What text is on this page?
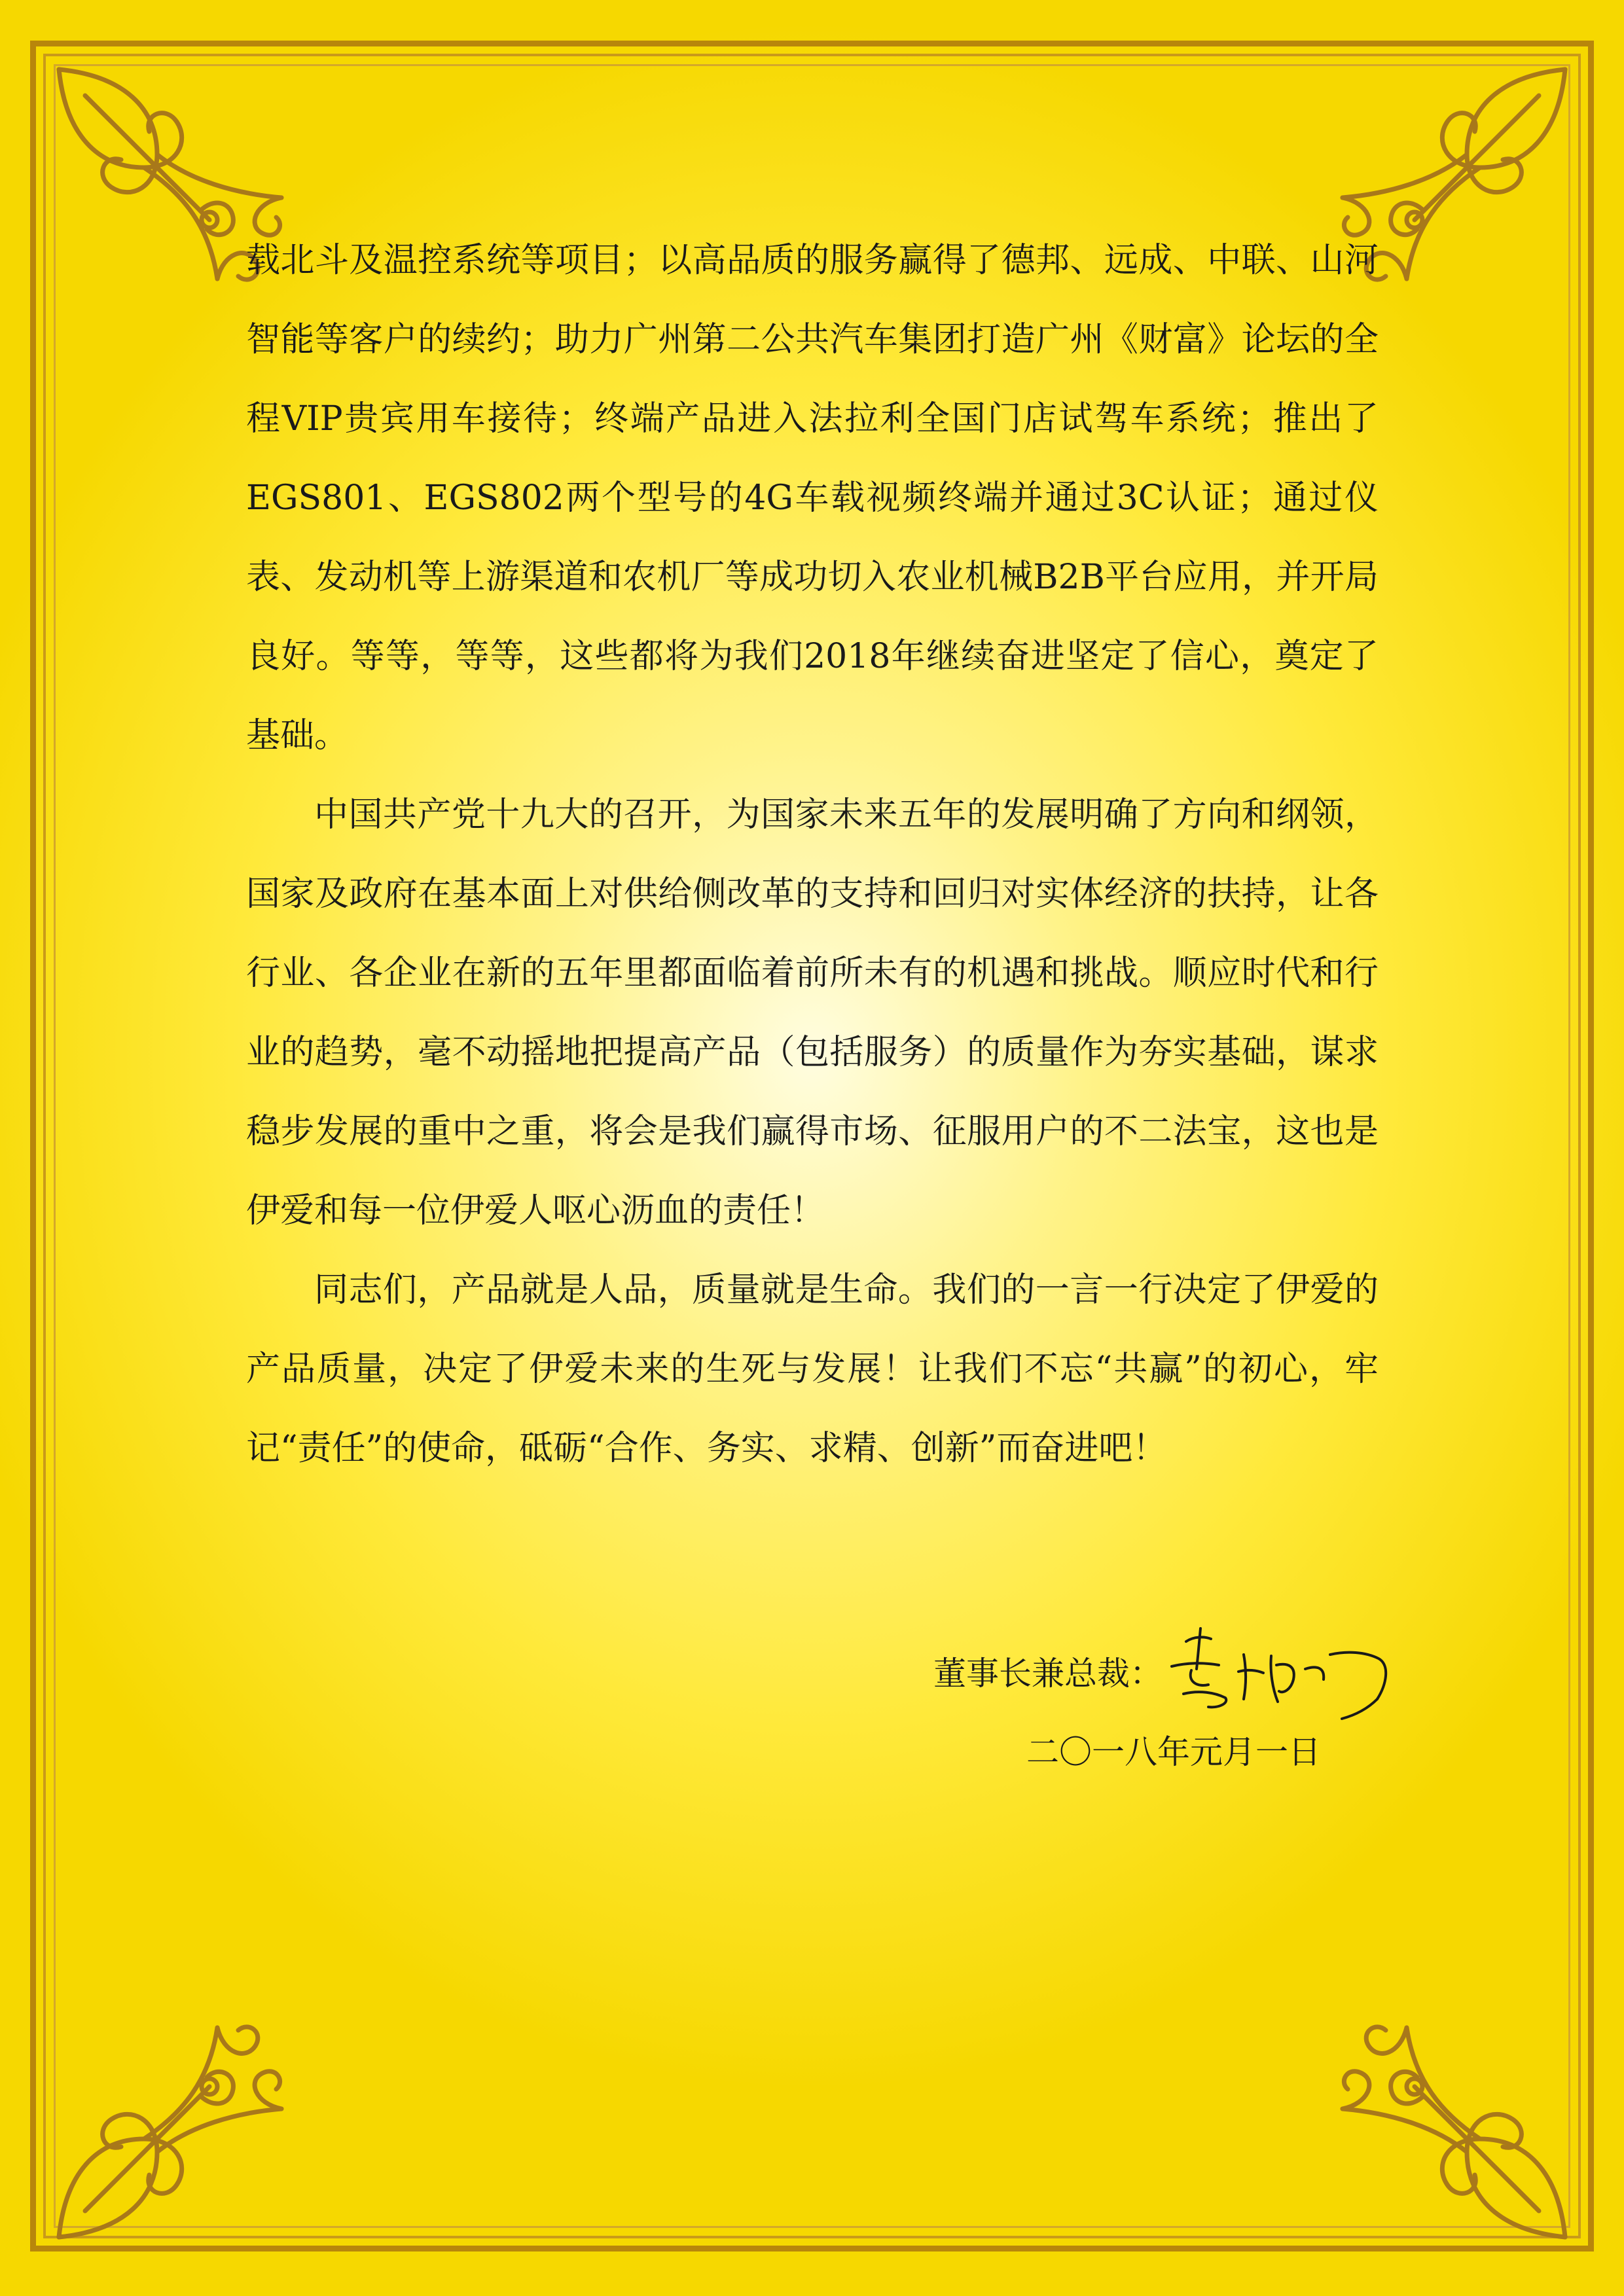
载北斗及温控系统等项目；以高品质的服务赢得了德邦、远成、中联、山河智能等客户的续约；助力广州第二公共汽车集团打造广州《财富》论坛的全程VIP贵宾用车接待；终端产品进入法拉利全国门店试驾车系统；推出了EGS801、EGS802两个型号的4G车载视频终端并通过3C认证；通过仪表、发动机等上游渠道和农机厂等成功切入农业机械B2B平台应用，并开局良好。等等，等等，这些都将为我们2018年继续奋进坚定了信心，奠定了基础。

中国共产党十九大的召开，为国家未来五年的发展明确了方向和纲领，国家及政府在基本面上对供给侧改革的支持和回归对实体经济的扶持，让各行业、各企业在新的五年里都面临着前所未有的机遇和挑战。顺应时代和行业的趋势，毫不动摇地把提高产品（包括服务）的质量作为夯实基础，谋求稳步发展的重中之重，将会是我们赢得市场、征服用户的不二法宝，这也是伊爱和每一位伊爱人呕心沥血的责任！

同志们，产品就是人品，质量就是生命。我们的一言一行决定了伊爱的产品质量，决定了伊爱未来的生死与发展！让我们不忘“共赢”的初心，牢记“责任”的使命，砥砺“合作、务实、求精、创新”而奋进吧！

董事长兼总裁：
二〇一八年元月一日
